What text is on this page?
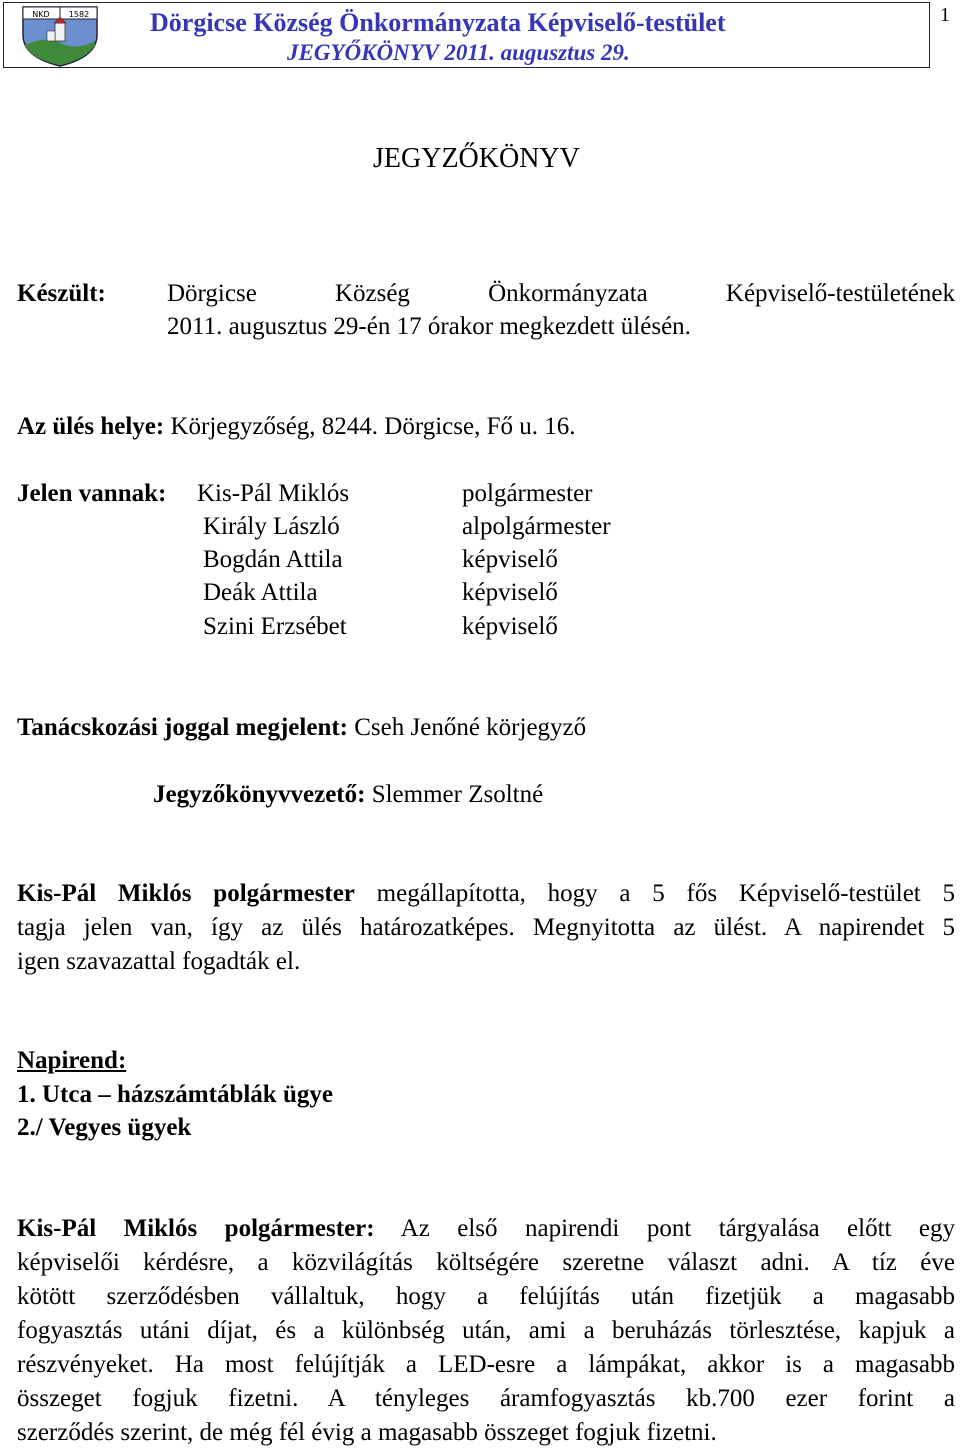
NKD 1582 Dörgicse Község Önkormányzata Képviselő-testület
JEGYŐKÖNYV 2011. augusztus 29.
1
JEGYZŐKÖNYV
Készült: Dörgicse	Község	Önkormányzata	Képviselő-testületének
2011. augusztus 29-én 17 órakor megkezdett ülésén.
Az ülés helye: Körjegyzőség, 8244. Dörgicse, Fő u. 16.
Jelen vannak: Kis-Pál Miklós	polgármester
Király László	alpolgármester
Bogdán Attila	képviselő
Deák Attila	képviselő
Szini Erzsébet	képviselő
Tanácskozási joggal megjelent: Cseh Jenőné körjegyző
Jegyzőkönyvvezető: Slemmer Zsoltné
Kis-Pál Miklós polgármester megállapította, hogy a 5 fős Képviselő-testület 5
tagja jelen van, így az ülés határozatképes. Megnyitotta az ülést. A napirendet 5
igen szavazattal fogadták el.
Napirend:
1. Utca – házszámtáblák ügye
2./ Vegyes ügyek
Kis-Pál Miklós polgármester: Az első napirendi pont tárgyalása előtt egy
képviselői kérdésre, a közvilágítás költségére szeretne választ adni. A tíz éve
kötött szerződésben vállaltuk, hogy a felújítás után fizetjük a magasabb
fogyasztás utáni díjat, és a különbség után, ami a beruházás törlesztése, kapjuk a
részvényeket. Ha most felújítják a LED-esre a lámpákat, akkor is a magasabb
összeget fogjuk fizetni. A tényleges áramfogyasztás kb.700 ezer forint a
szerződés szerint, de még fél évig a magasabb összeget fogjuk fizetni.
